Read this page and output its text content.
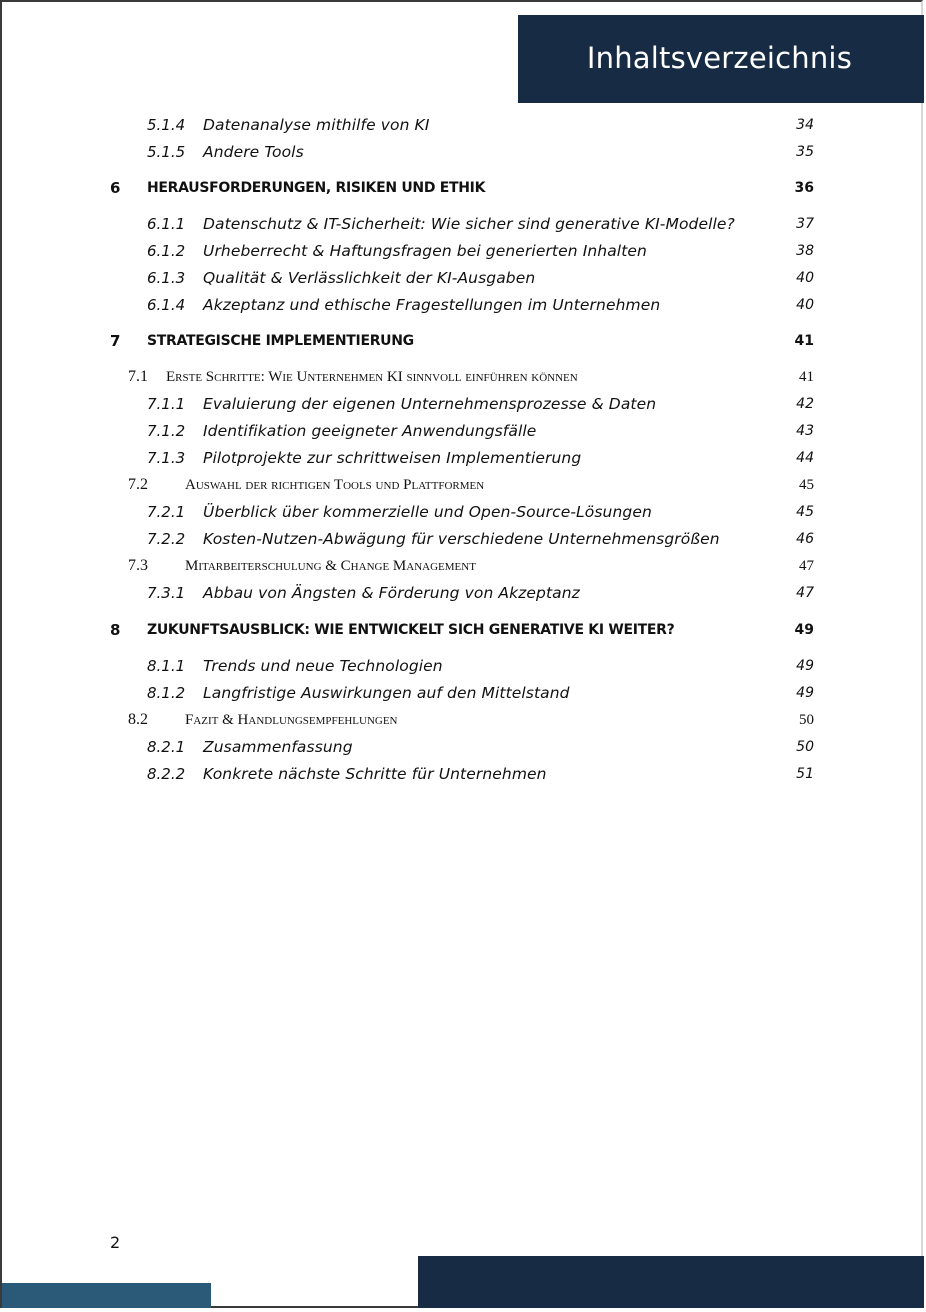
Inhaltsverzeichnis
5.1.4 Datenanalyse mithilfe von KI	34
5.1.5 Andere Tools	35
6 HERAUSFORDERUNGEN, RISIKEN UND ETHIK	36
6.1.1 Datenschutz & IT-Sicherheit: Wie sicher sind generative KI-Modelle?	37
6.1.2 Urheberrecht & Haftungsfragen bei generierten Inhalten	38
6.1.3 Qualität & Verlässlichkeit der KI-Ausgaben	40
6.1.4 Akzeptanz und ethische Fragestellungen im Unternehmen	40
7 STRATEGISCHE IMPLEMENTIERUNG	41
7.1 Erste Schritte: Wie Unternehmen KI sinnvoll einführen können	41
7.1.1 Evaluierung der eigenen Unternehmensprozesse & Daten	42
7.1.2 Identifikation geeigneter Anwendungsfälle	43
7.1.3 Pilotprojekte zur schrittweisen Implementierung	44
7.2 Auswahl der richtigen Tools und Plattformen	45
7.2.1 Überblick über kommerzielle und Open-Source-Lösungen	45
7.2.2 Kosten-Nutzen-Abwägung für verschiedene Unternehmensgrößen	46
7.3 Mitarbeiterschulung & Change Management	47
7.3.1 Abbau von Ängsten & Förderung von Akzeptanz	47
8 ZUKUNFTSAUSBLICK: WIE ENTWICKELT SICH GENERATIVE KI WEITER?	49
8.1.1 Trends und neue Technologien	49
8.1.2 Langfristige Auswirkungen auf den Mittelstand	49
8.2 Fazit & Handlungsempfehlungen	50
8.2.1 Zusammenfassung	50
8.2.2 Konkrete nächste Schritte für Unternehmen	51
2
